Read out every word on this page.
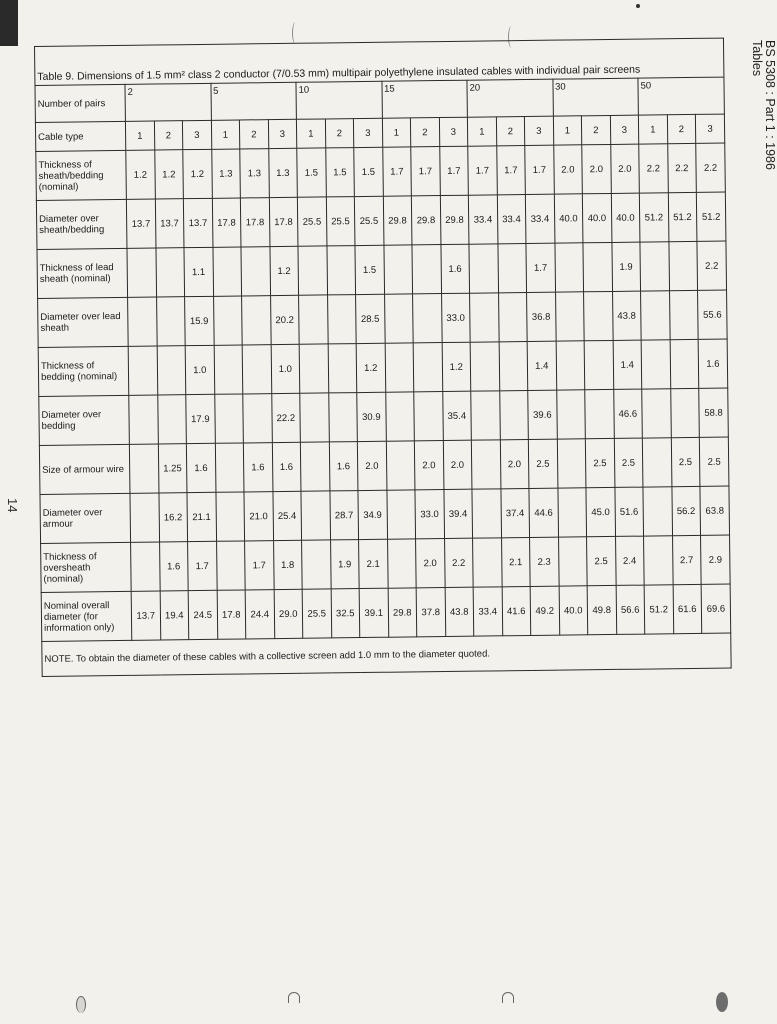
BS 5308 : Part 1 : 1986
Tables
14
Table 9. Dimensions of 1.5 mm² class 2 conductor (7/0.53 mm) multipair polyethylene insulated cables with individual pair screens																					
Number of pairs	2			5			10			15			20			30			50		
Cable type	1	2	3	1	2	3	1	2	3	1	2	3	1	2	3	1	2	3	1	2	3
Thickness of sheath/bedding (nominal)	1.2	1.2	1.2	1.3	1.3	1.3	1.5	1.5	1.5	1.7	1.7	1.7	1.7	1.7	1.7	2.0	2.0	2.0	2.2	2.2	2.2
Diameter over sheath/bedding	13.7	13.7	13.7	17.8	17.8	17.8	25.5	25.5	25.5	29.8	29.8	29.8	33.4	33.4	33.4	40.0	40.0	40.0	51.2	51.2	51.2
Thickness of lead sheath (nominal)			1.1			1.2			1.5			1.6			1.7			1.9			2.2
Diameter over lead sheath			15.9			20.2			28.5			33.0			36.8			43.8			55.6
Thickness of bedding (nominal)			1.0			1.0			1.2			1.2			1.4			1.4			1.6
Diameter over bedding			17.9			22.2			30.9			35.4			39.6			46.6			58.8
Size of armour wire		1.25	1.6		1.6	1.6		1.6	2.0		2.0	2.0		2.0	2.5		2.5	2.5		2.5	2.5
Diameter over armour		16.2	21.1		21.0	25.4		28.7	34.9		33.0	39.4		37.4	44.6		45.0	51.6		56.2	63.8
Thickness of oversheath (nominal)		1.6	1.7		1.7	1.8		1.9	2.1		2.0	2.2		2.1	2.3		2.5	2.4		2.7	2.9
Nominal overall diameter (for information only)	13.7	19.4	24.5	17.8	24.4	29.0	25.5	32.5	39.1	29.8	37.8	43.8	33.4	41.6	49.2	40.0	49.8	56.6	51.2	61.6	69.6
NOTE. To obtain the diameter of these cables with a collective screen add 1.0 mm to the diameter quoted.																					
